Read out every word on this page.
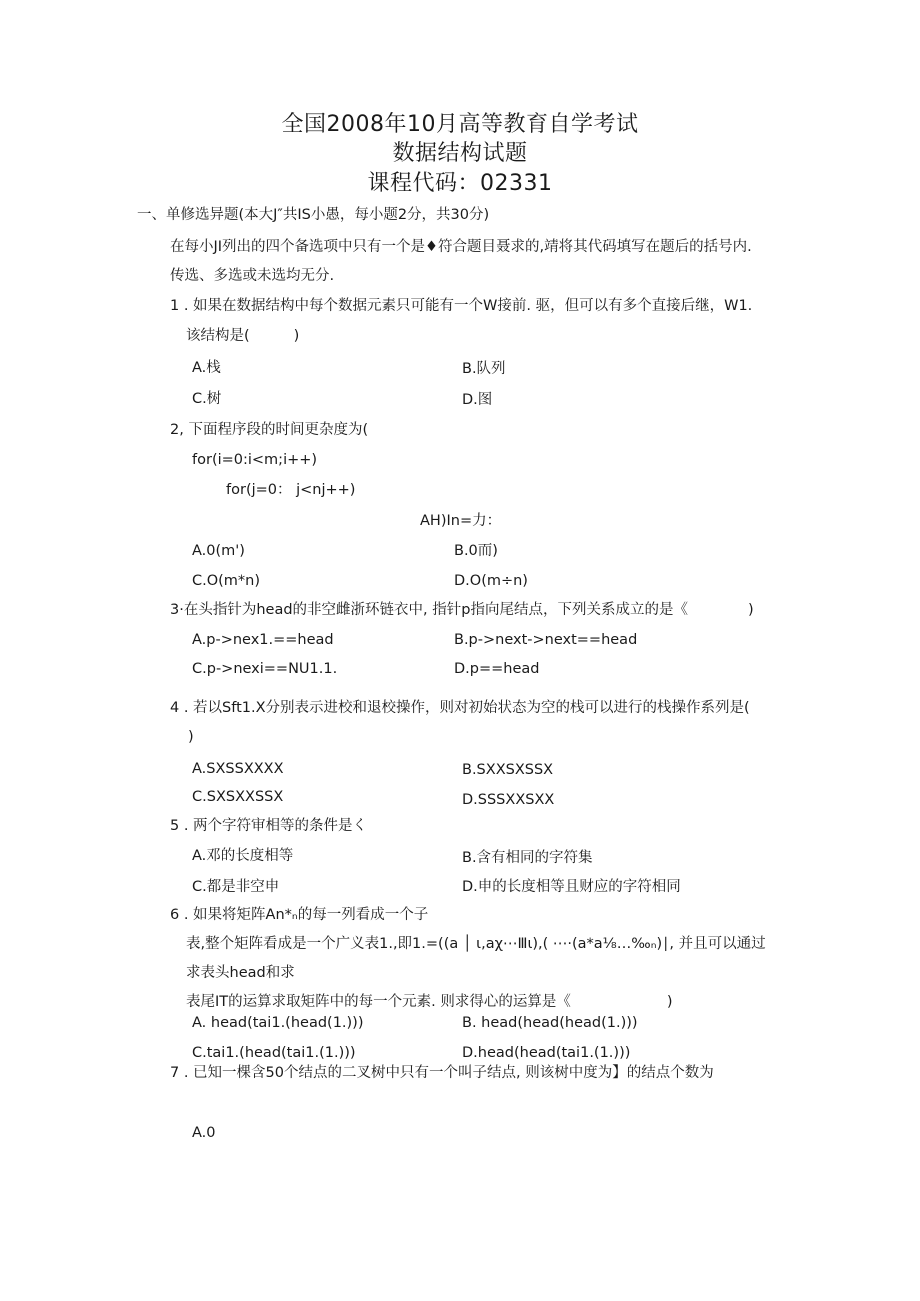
全国2008年10月高等教育自学考试
数据结构试题
课程代码：02331
一、单修选异题(本大J″共IS小愚，每小题2分，共30分)
在每小JI列出的四个备选项中只有一个是♦符合题目聂求的,靖将其代码填写在题后的括号内.
传选、多选或未选均无分.
1 . 如果在数据结构中每个数据元素只可能有一个W接前. 驱，但可以有多个直接后继，W1.
该结构是(	)
A.栈	B.队列
C.树	D.图
2, 下面程序段的时间更杂度为(
for(i=0:i<m;i++)
for(j=0： j<nj++)
AH)In=力：
A.0(m')	B.0而)
C.O(m*n)	D.O(m÷n)
3·在头指针为head的非空雌浙环链衣中, 指针p指向尾结点，下列关系成立的是《	)
A.p->nex1.==head	B.p->next->next==head
C.p->nexi==NU1.1.	D.p==head
4 . 若以Sft1.X分别表示进校和退校操作，则对初始状态为空的栈可以进行的栈操作系列是(
)
A.SXSSXXXX	B.SXXSXSSX
C.SXSXXSSX	D.SSSXXSXX
5 . 两个字符审相等的条件是く
A.邓的长度相等	B.含有相同的字符集
C.都是非空申	D.申的长度相等且财应的字符相同
6 . 如果将矩阵An*ₙ的每一列看成一个子
表,整个矩阵看成是一个广义表1.,即1.=((a │ ι,aχ⋯Ⅲι),( ⋯·(a*a⅛…‰ₙ)∣, 并且可以通过
求表头head和求
表尾IT的运算求取矩阵中的每一个元素. 则求得心的运算是《	)
A. head(tai1.(head(1.)))	B. head(head(head(1.)))
C.tai1.(head(tai1.(1.)))	D.head(head(tai1.(1.)))
7 . 已知一棵含50个结点的二叉树中只有一个叫子结点, 则该树中度为】的结点个数为
A.0
